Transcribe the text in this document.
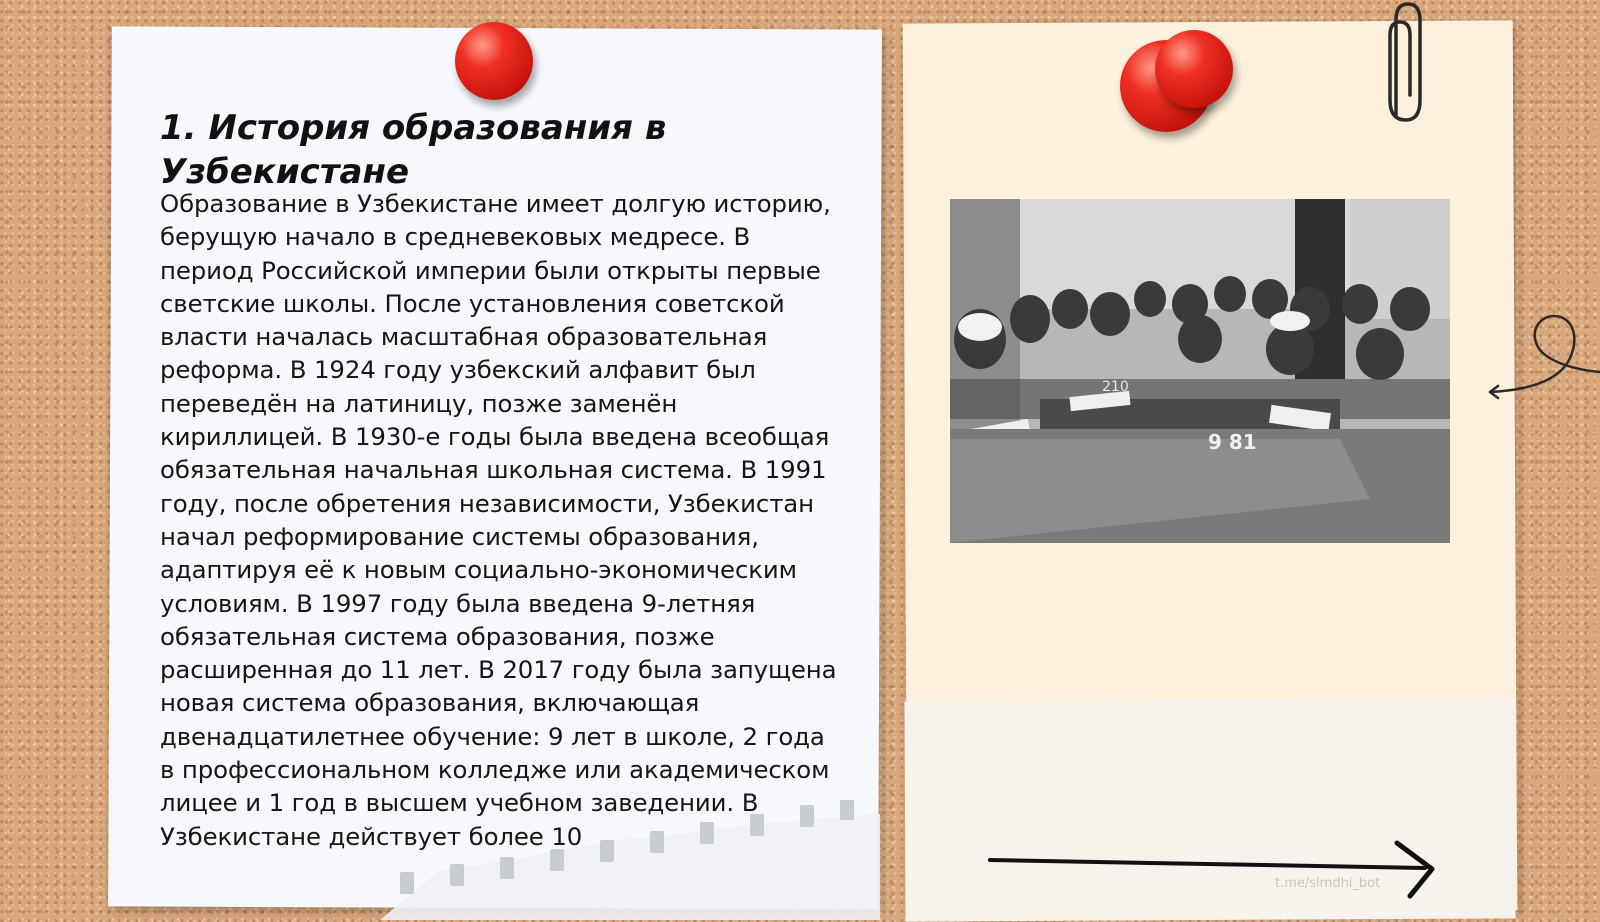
1. История образования в Узбекистане

Образование в Узбекистане имеет долгую историю, берущую начало в средневековых медресе. В период Российской империи были открыты первые светские школы. После установления советской власти началась масштабная образовательная реформа. В 1924 году узбекский алфавит был переведён на латиницу, позже заменён кириллицей. В 1930-е годы была введена всеобщая обязательная начальная школьная система. В 1991 году, после обретения независимости, Узбекистан начал реформирование системы образования, адаптируя её к новым социально-экономическим условиям. В 1997 году была введена 9-летняя обязательная система образования, позже расширенная до 11 лет. В 2017 году была запущена новая система образования, включающая двенадцатилетнее обучение: 9 лет в школе, 2 года в профессиональном колледже или академическом лицее и 1 год в высшем учебном заведении. В Узбекистане действует более 10

210
9 81
t.me/slmdhi_bot
